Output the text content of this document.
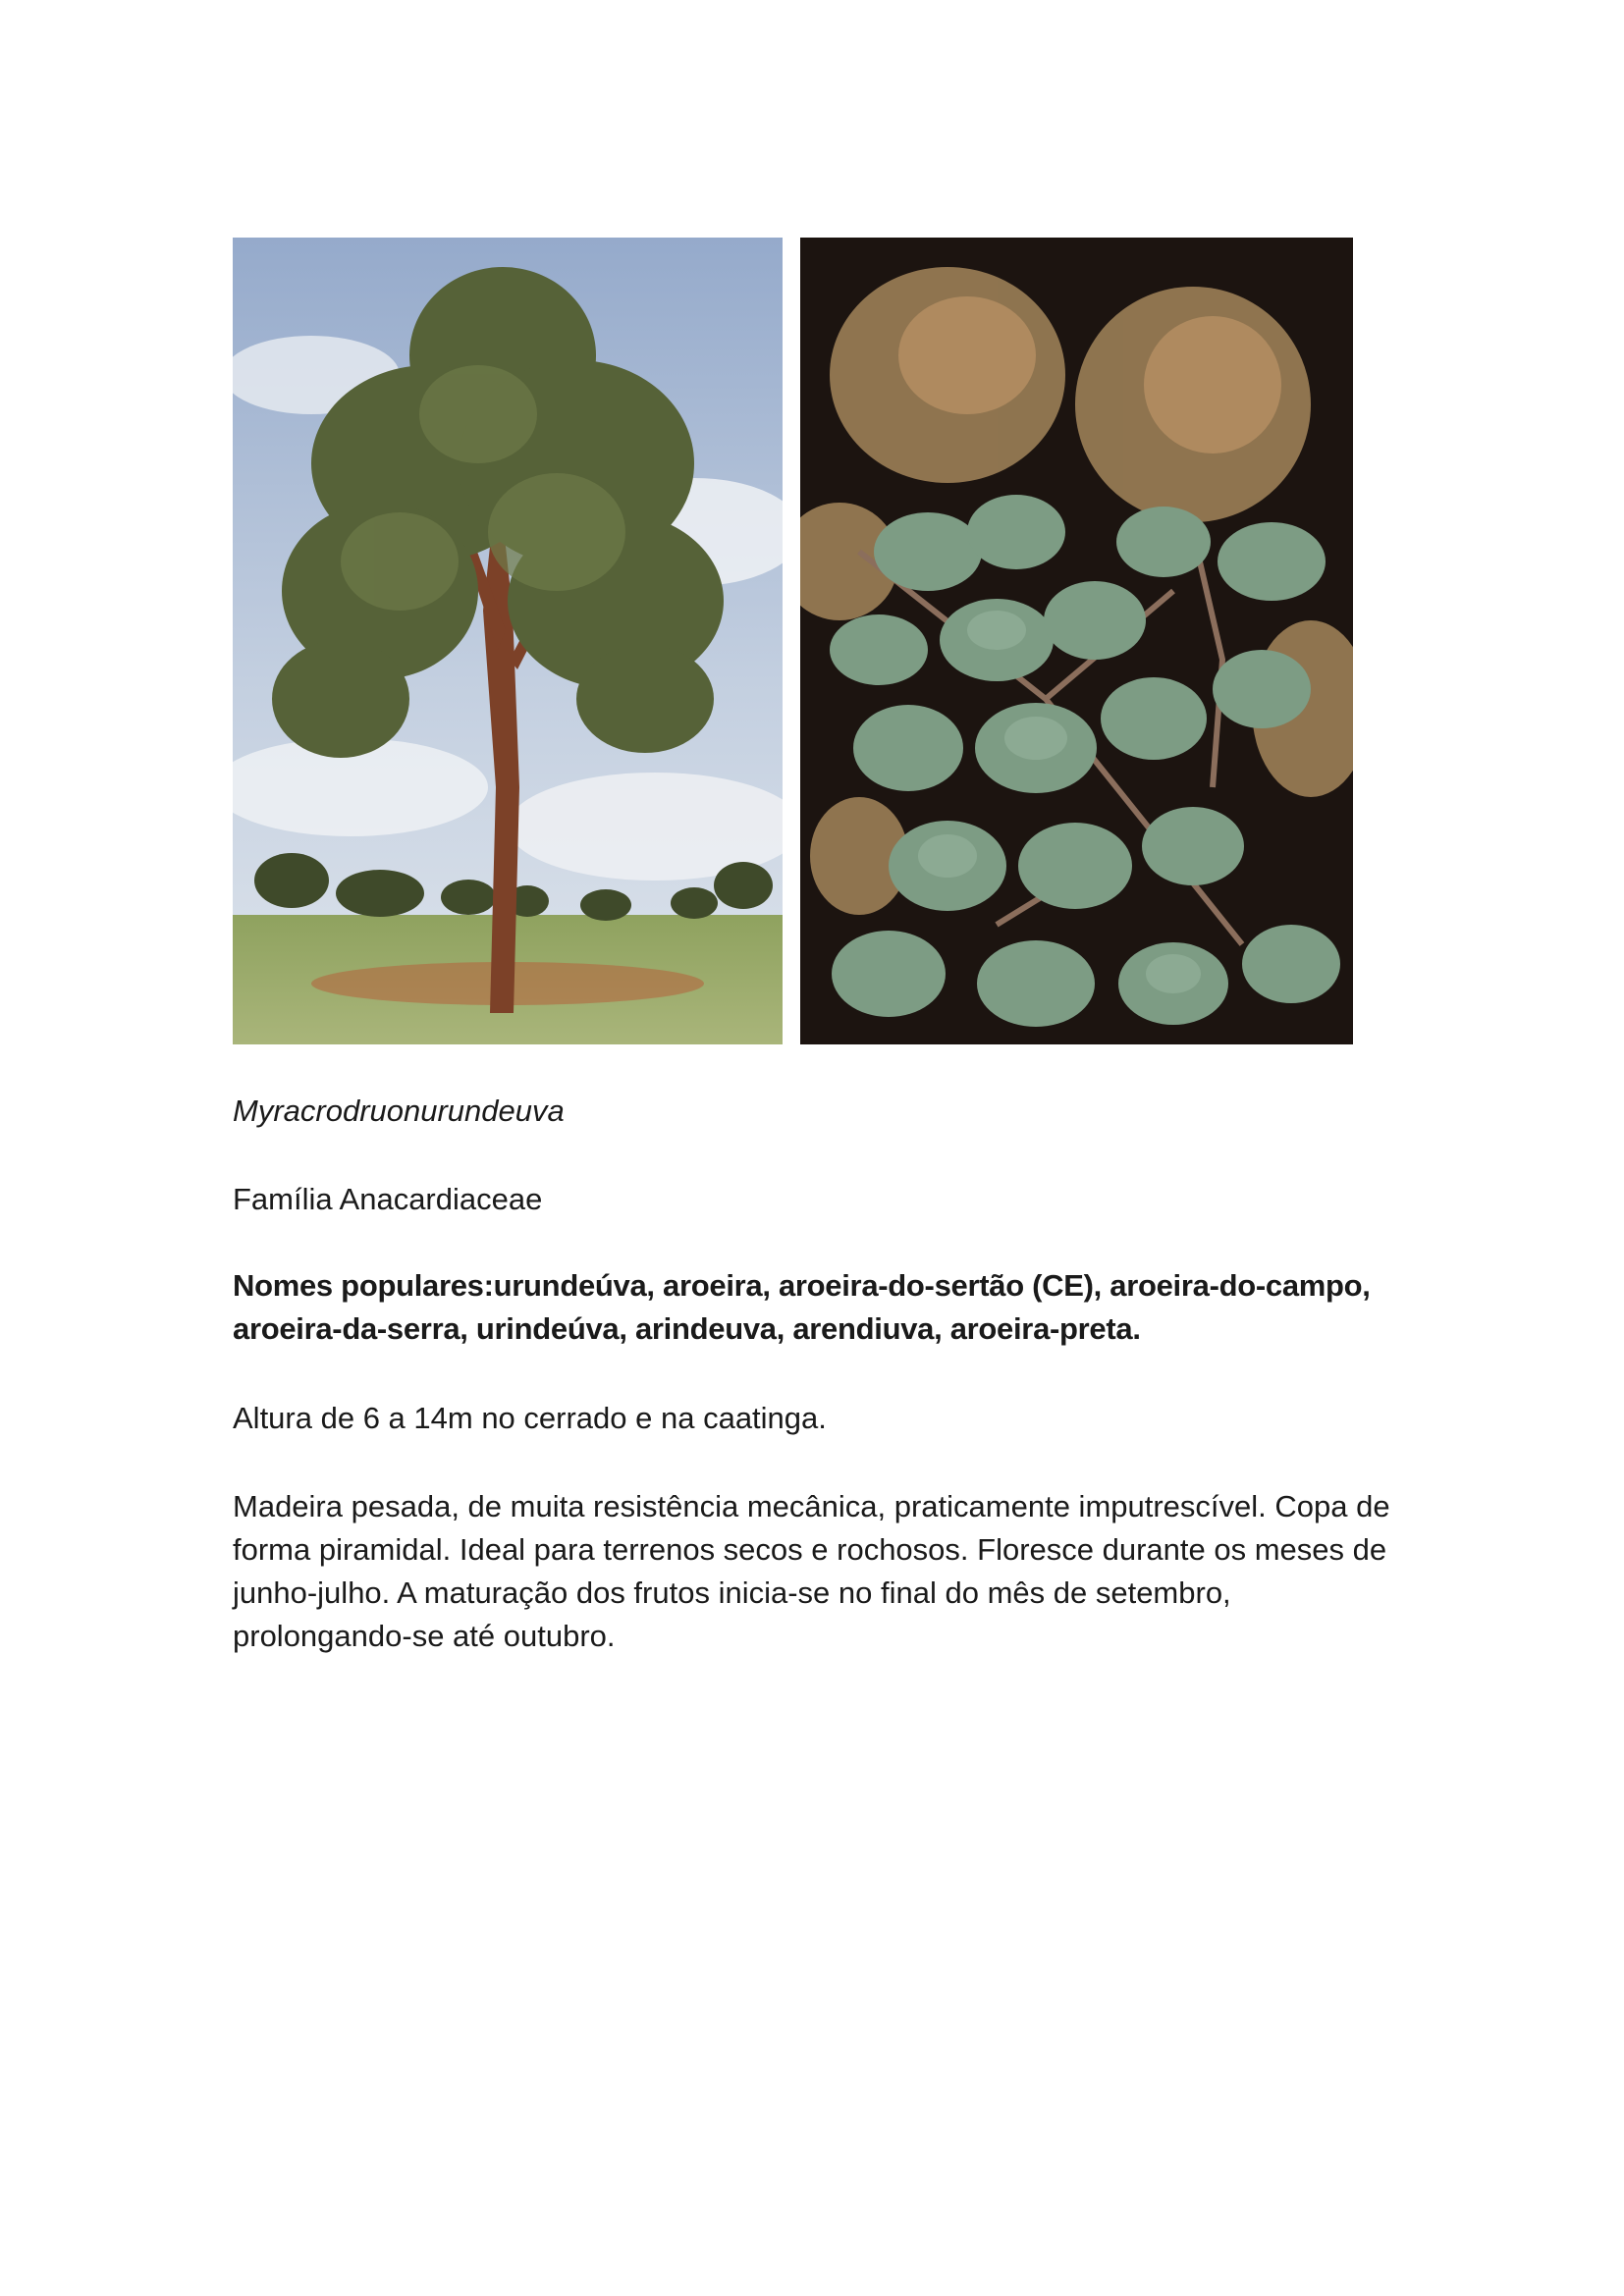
Myracrodruonurundeuva

Família Anacardiaceae

Nomes populares:urundeúva, aroeira, aroeira-do-sertão (CE), aroeira-do-campo, aroeira-da-serra, urindeúva, arindeuva, arendiuva, aroeira-preta.

Altura de 6 a 14m no cerrado e na caatinga.

Madeira pesada, de muita resistência mecânica, praticamente imputrescível. Copa de forma piramidal. Ideal para terrenos secos e rochosos. Floresce durante os meses de junho-julho. A maturação dos frutos inicia-se no final do mês de setembro, prolongando-se até outubro.
